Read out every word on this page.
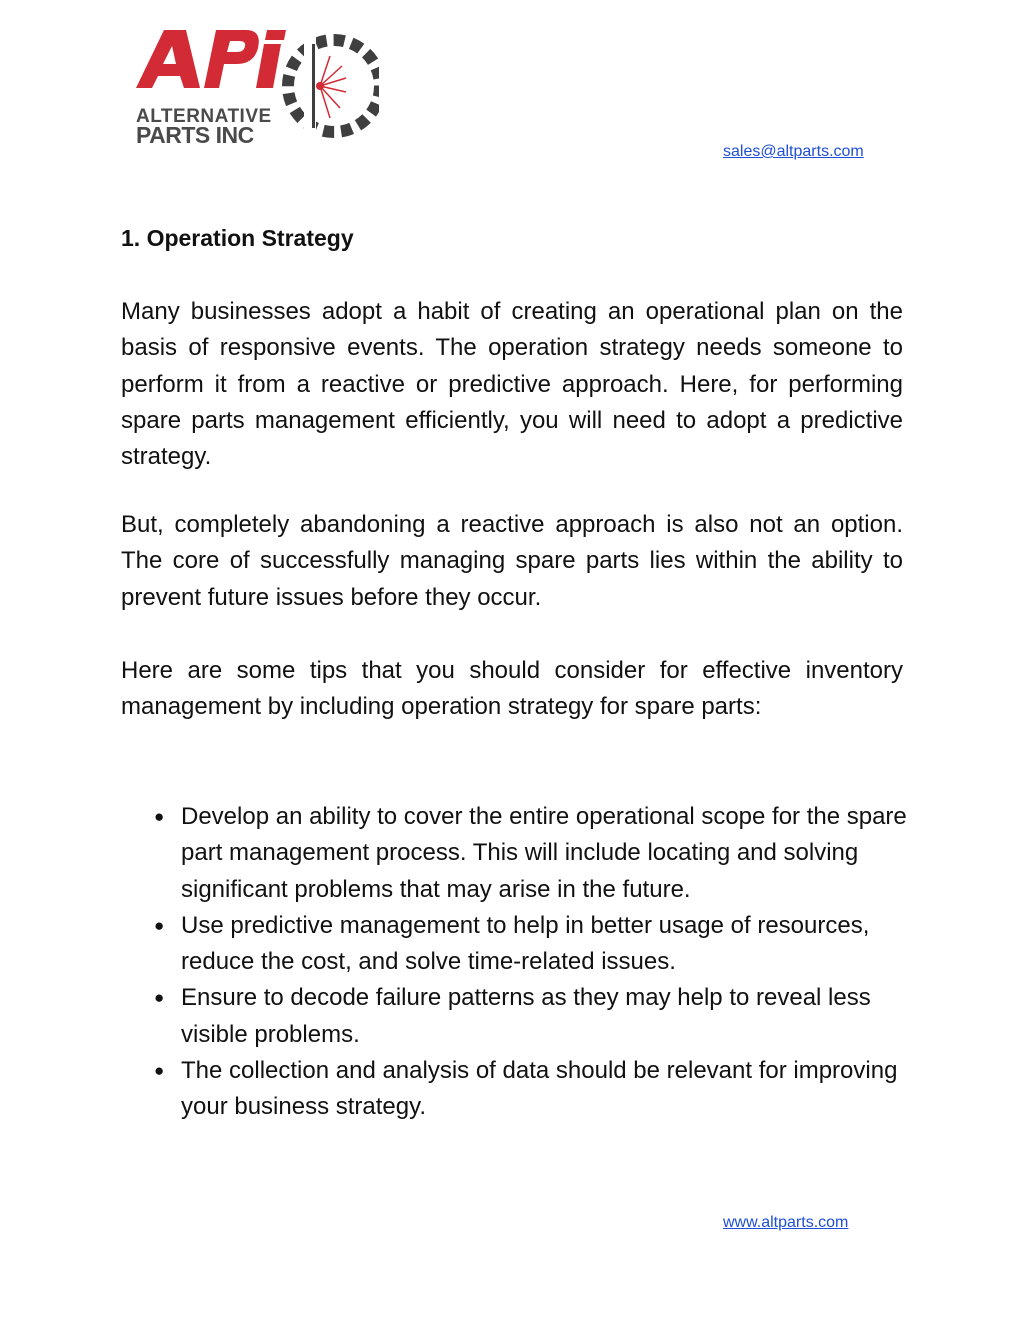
ALTERNATIVE
PARTS INC
sales@altparts.com
1. Operation Strategy

Many businesses adopt a habit of creating an operational plan on the basis of responsive events. The operation strategy needs someone to perform it from a reactive or predictive approach. Here, for performing spare parts management efficiently, you will need to adopt a predictive strategy.

But, completely abandoning a reactive approach is also not an option. The core of successfully managing spare parts lies within the ability to prevent future issues before they occur.

Here are some tips that you should consider for effective inventory management by including operation strategy for spare parts:

● Develop an ability to cover the entire operational scope for the spare part management process. This will include locating and solving significant problems that may arise in the future.
● Use predictive management to help in better usage of resources, reduce the cost, and solve time-related issues.
● Ensure to decode failure patterns as they may help to reveal less visible problems.
● The collection and analysis of data should be relevant for improving your business strategy.
www.altparts.com
